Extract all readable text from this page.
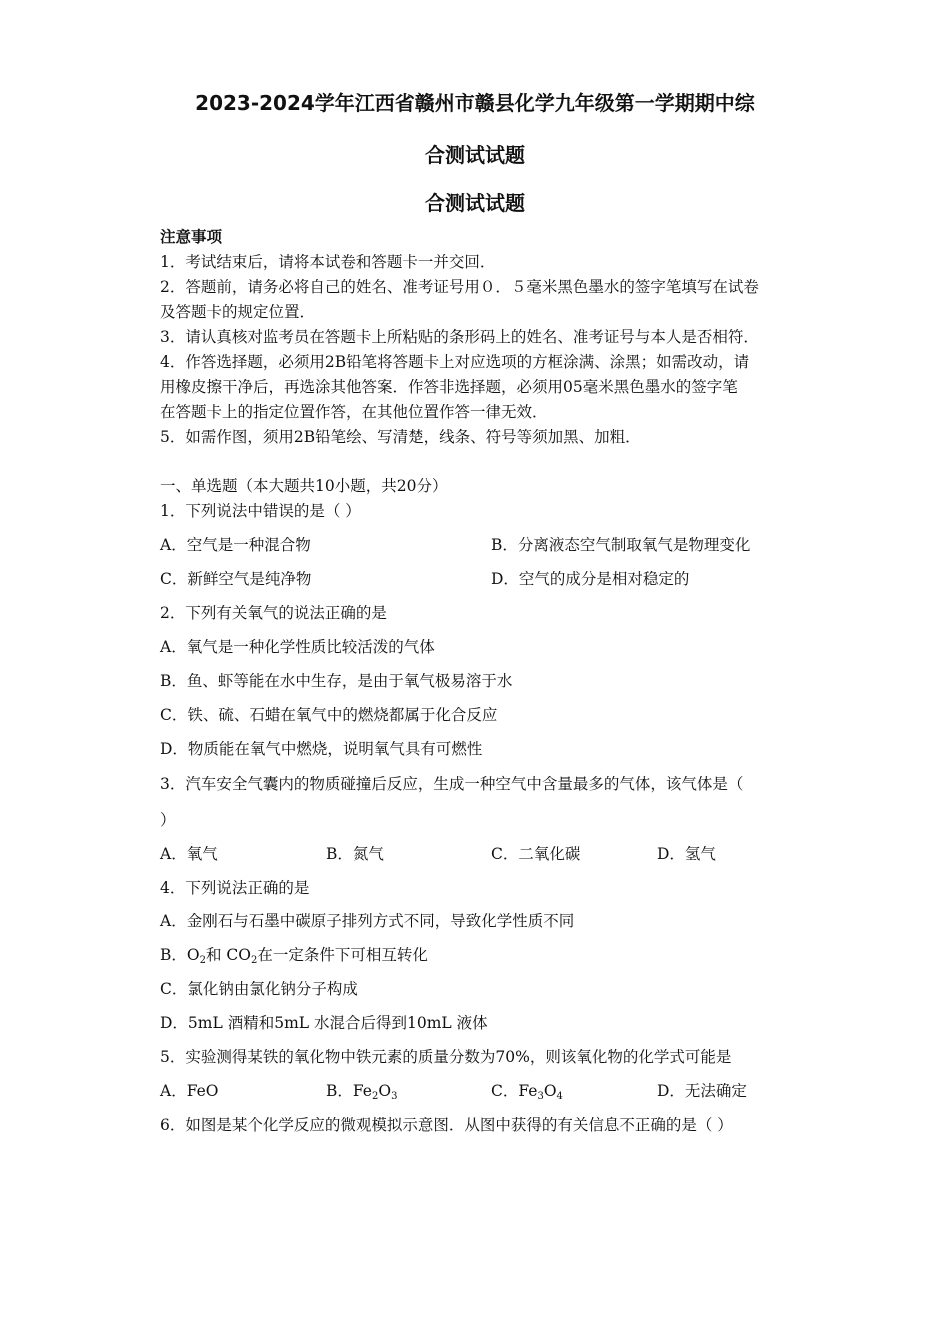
2023-2024学年江西省赣州市赣县化学九年级第一学期期中综
合测试试题
合测试试题
注意事项
1．考试结束后，请将本试卷和答题卡一并交回．
2．答题前，请务必将自己的姓名、准考证号用０．５毫米黑色墨水的签字笔填写在试卷
及答题卡的规定位置．
3．请认真核对监考员在答题卡上所粘贴的条形码上的姓名、准考证号与本人是否相符．
4．作答选择题，必须用2B铅笔将答题卡上对应选项的方框涂满、涂黑；如需改动，请
用橡皮擦干净后，再选涂其他答案．作答非选择题，必须用05毫米黑色墨水的签字笔
在答题卡上的指定位置作答，在其他位置作答一律无效．
5．如需作图，须用2B铅笔绘、写清楚，线条、符号等须加黑、加粗．
一、单选题（本大题共10小题，共20分）
1．下列说法中错误的是（ ）
A．空气是一种混合物	B．分离液态空气制取氧气是物理变化
C．新鲜空气是纯净物	D．空气的成分是相对稳定的
2．下列有关氧气的说法正确的是
A．氧气是一种化学性质比较活泼的气体
B．鱼、虾等能在水中生存，是由于氧气极易溶于水
C．铁、硫、石蜡在氧气中的燃烧都属于化合反应
D．物质能在氧气中燃烧，说明氧气具有可燃性
3．汽车安全气囊内的物质碰撞后反应，生成一种空气中含量最多的气体，该气体是（
）
A．氧气	B．氮气	C．二氧化碳	D．氢气
4．下列说法正确的是
A．金刚石与石墨中碳原子排列方式不同，导致化学性质不同
B．$O_2$和 $CO_2$在一定条件下可相互转化
C．氯化钠由氯化钠分子构成
D．5mL 酒精和5mL 水混合后得到10mL 液体
5．实验测得某铁的氧化物中铁元素的质量分数为70%，则该氧化物的化学式可能是
A．FeO	B．$Fe_2O_3$	C．$Fe_3O_4$	D．无法确定
6．如图是某个化学反应的微观模拟示意图．从图中获得的有关信息不正确的是（ ）
